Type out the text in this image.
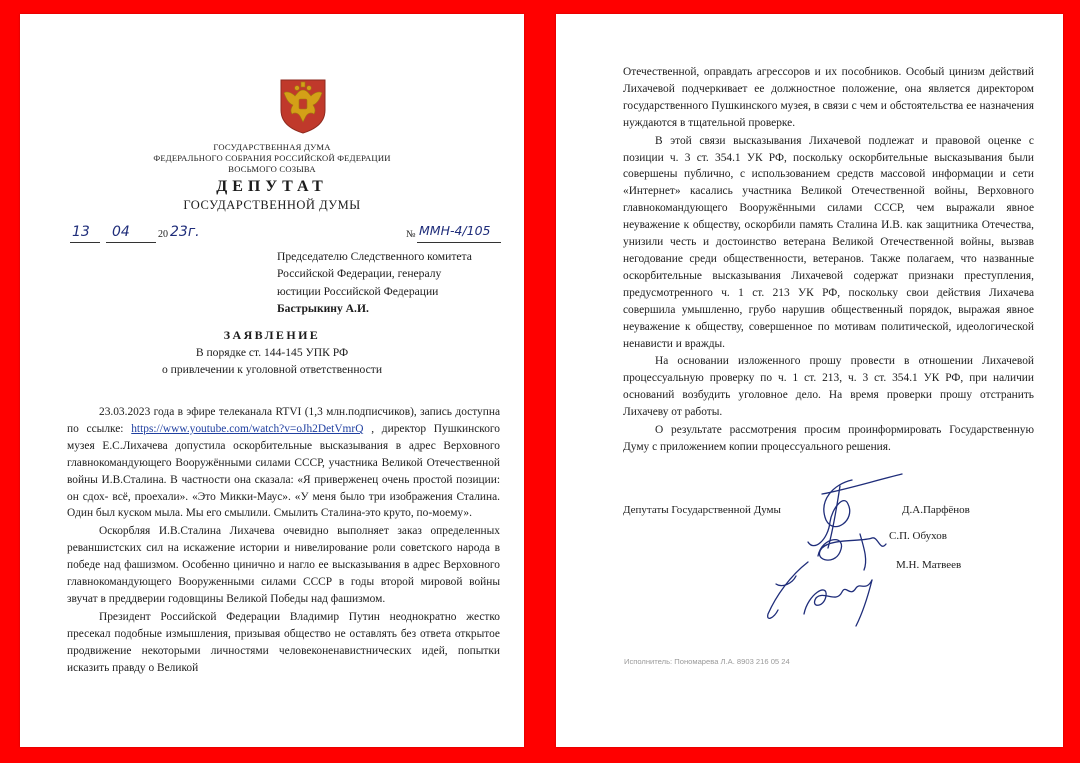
ГОСУДАРСТВЕННАЯ ДУМА
ФЕДЕРАЛЬНОГО СОБРАНИЯ РОССИЙСКОЙ ФЕДЕРАЦИИ
ВОСЬМОГО СОЗЫВА
ДЕПУТАТ
ГОСУДАРСТВЕННОЙ ДУМЫ
13 04	20 23г.	№ ММН-4/105
Председателю Следственного комитета
Российской Федерации, генералу
юстиции Российской Федерации
Бастрыкину А.И.
ЗАЯВЛЕНИЕ
В порядке ст. 144-145 УПК РФ
о привлечении к уголовной ответственности

23.03.2023 года в эфире телеканала RTVI (1,3 млн.подписчиков), запись доступна по ссылке: https://www.youtube.com/watch?v=oJh2DetVmrQ , директор Пушкинского музея Е.С.Лихачева допустила оскорбительные высказывания в адрес Верховного главнокомандующего Вооружёнными силами СССР, участника Великой Отечественной войны И.В.Сталина. В частности она сказала: «Я приверженец очень простой позиции: он сдох- всё, проехали». «Это Микки-Маус». «У меня было три изображения Сталина. Один был куском мыла. Мы его смылили. Смылить Сталина-это круто, по-моему».

Оскорбляя И.В.Сталина Лихачева очевидно выполняет заказ определенных реваншистских сил на искажение истории и нивелирование роли советского народа в победе над фашизмом. Особенно цинично и нагло ее высказывания в адрес Верховного главнокомандующего Вооруженными силами СССР в годы второй мировой войны звучат в преддверии годовщины Великой Победы над фашизмом.

Президент Российской Федерации Владимир Путин неоднократно жестко пресекал подобные измышления, призывая общество не оставлять без ответа открытое продвижение некоторыми личностями человеконенавистнических идей, попытки исказить правду о Великой

Отечественной, оправдать агрессоров и их пособников. Особый цинизм действий Лихачевой подчеркивает ее должностное положение, она является директором государственного Пушкинского музея, в связи с чем и обстоятельства ее назначения нуждаются в тщательной проверке.

В этой связи высказывания Лихачевой подлежат и правовой оценке с позиции ч. 3 ст. 354.1 УК РФ, поскольку оскорбительные высказывания были совершены публично, с использованием средств массовой информации и сети «Интернет» касались участника Великой Отечественной войны, Верховного главнокомандующего Вооружёнными силами СССР, чем выражали явное неуважение к обществу, оскорбили память Сталина И.В. как защитника Отечества, унизили честь и достоинство ветерана Великой Отечественной войны, вызвав негодование среди общественности, ветеранов. Также полагаем, что названные оскорбительные высказывания Лихачевой содержат признаки преступления, предусмотренного ч. 1 ст. 213 УК РФ, поскольку свои действия Лихачева совершила умышленно, грубо нарушив общественный порядок, выражая явное неуважение к обществу, совершенное по мотивам политической, идеологической ненависти и вражды.

На основании изложенного прошу провести в отношении Лихачевой процессуальную проверку по ч. 1 ст. 213, ч. 3 ст. 354.1 УК РФ, при наличии оснований возбудить уголовное дело. На время проверки прошу отстранить Лихачеву от работы.

О результате рассмотрения просим проинформировать Государственную Думу с приложением копии процессуального решения.

Депутаты Государственной Думы	Д.А.Парфёнов
С.П. Обухов
М.Н. Матвеев
Исполнитель: Пономарева Л.А. 8903 216 05 24
